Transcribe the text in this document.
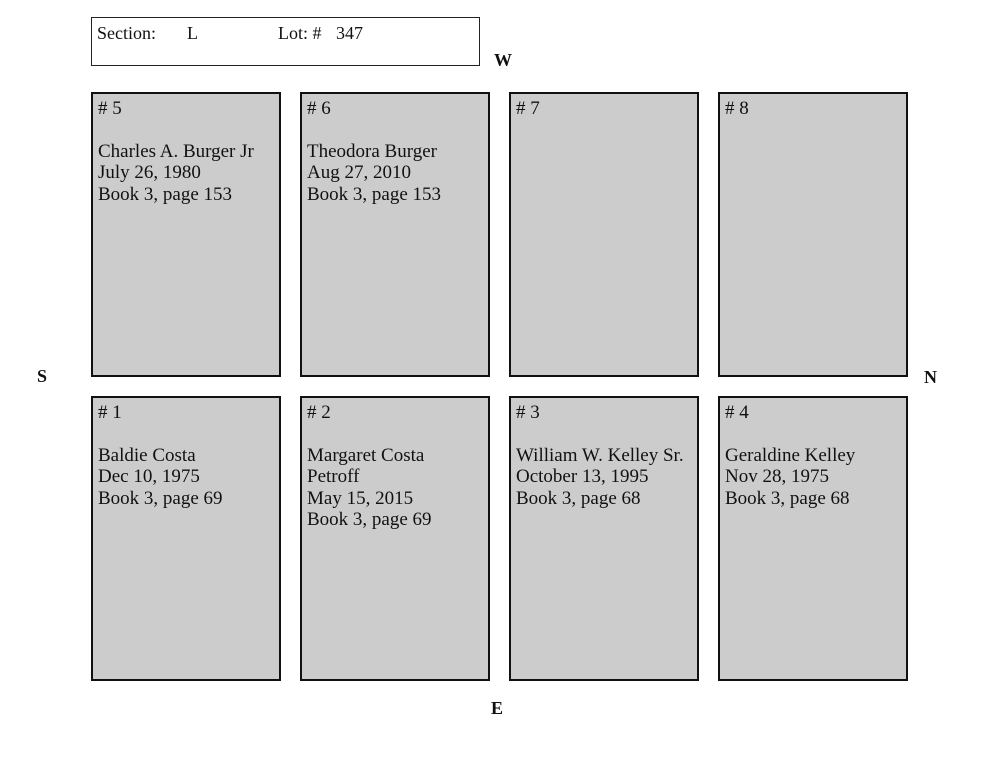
Section: L	Lot: # 347
W
S	N
E
# 5
Charles A. Burger Jr
July 26, 1980
Book 3, page 153
# 6
Theodora Burger
Aug 27, 2010
Book 3, page 153
# 7	# 8
# 1
Baldie Costa
Dec 10, 1975
Book 3, page 69
# 2
Margaret Costa
Petroff
May 15, 2015
Book 3, page 69
# 3
William W. Kelley Sr.
October 13, 1995
Book 3, page 68
# 4
Geraldine Kelley
Nov 28, 1975
Book 3, page 68
